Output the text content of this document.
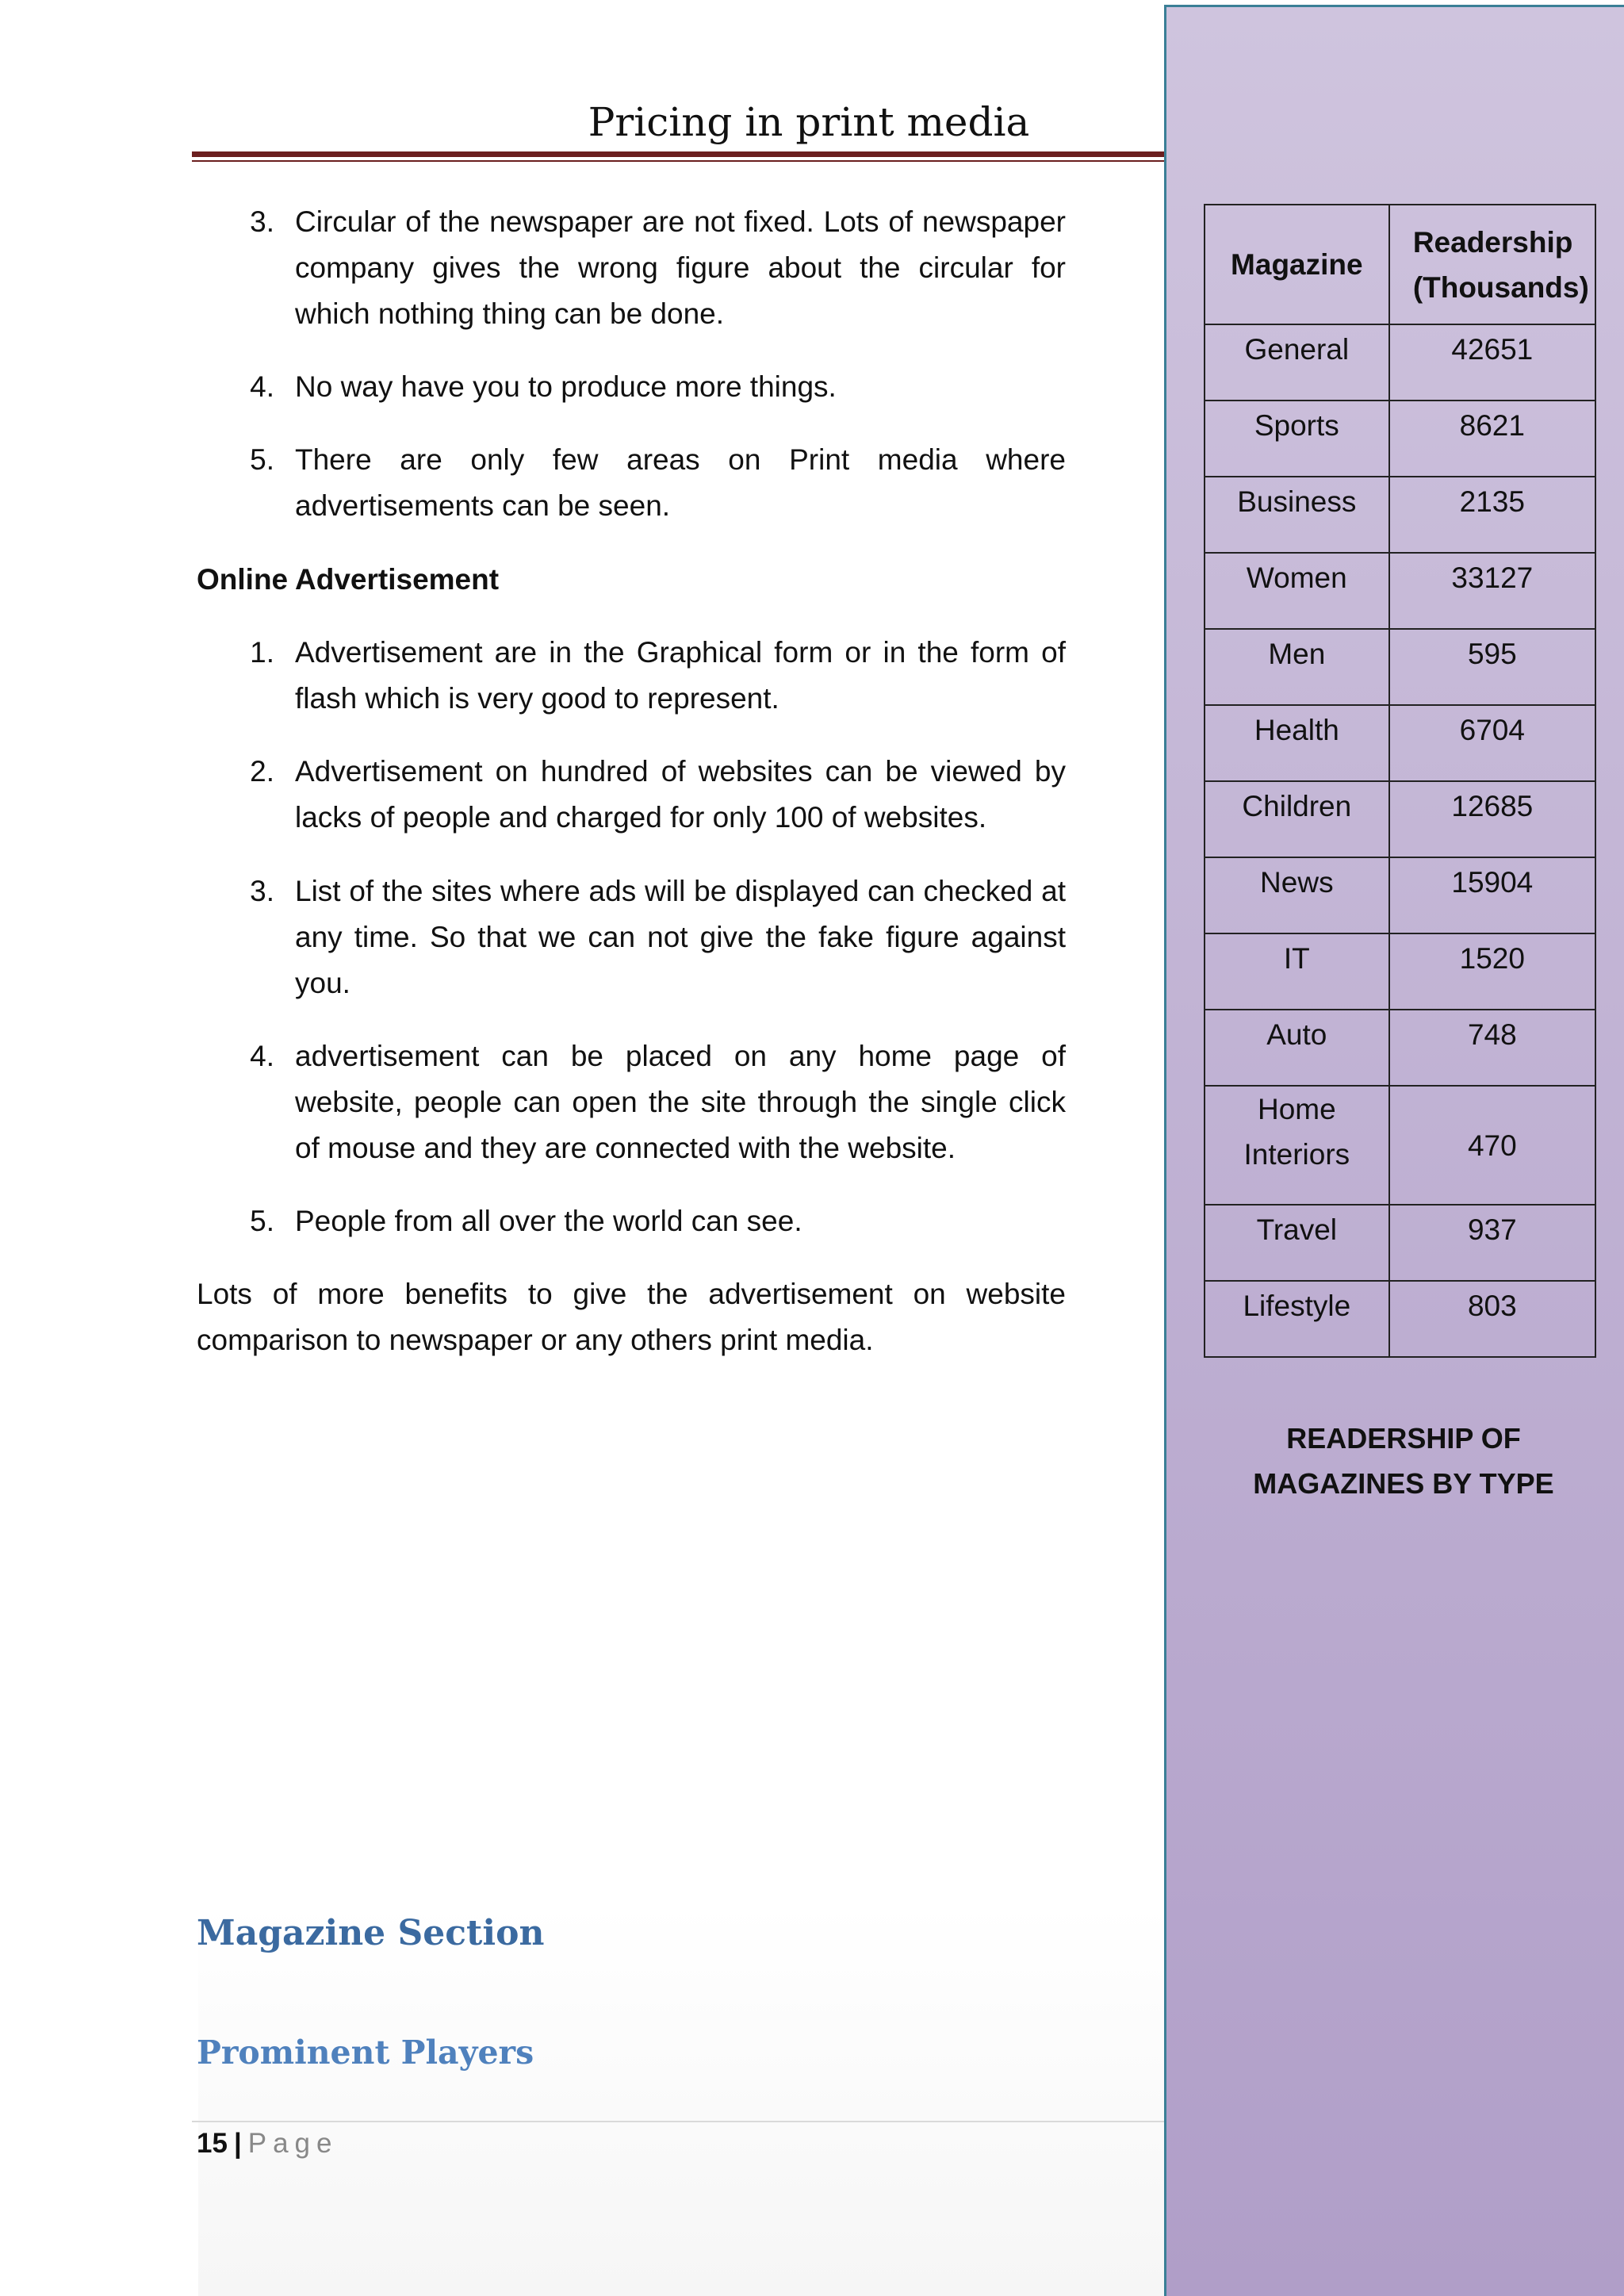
Pricing in print media
3. Circular of the newspaper are not fixed. Lots of newspaper company gives the wrong figure about the circular for which nothing thing can be done.
4. No way have you to produce more things.
5. There are only few areas on Print media where advertisements can be seen.
Online Advertisement
1. Advertisement are in the Graphical form or in the form of flash which is very good to represent.
2. Advertisement on hundred of websites can be viewed by lacks of people and charged for only 100 of websites.
3. List of the sites where ads will be displayed can checked at any time. So that we can not give the fake figure against you.
4. advertisement can be placed on any home page of website, people can open the site through the single click of mouse and they are connected with the website.
5. People from all over the world can see.
Lots of more benefits to give the advertisement on website comparison to newspaper or any others print media.
Magazine Section
Prominent Players
15 | Page
Magazine	Readership (Thousands)

General	42651
Sports	8621
Business	2135
Women	33127
Men	595
Health	6704
Children	12685
News	15904
IT	1520
Auto	748
Home Interiors	470
Travel	937
Lifestyle	803
READERSHIP OF
MAGAZINES BY TYPE
